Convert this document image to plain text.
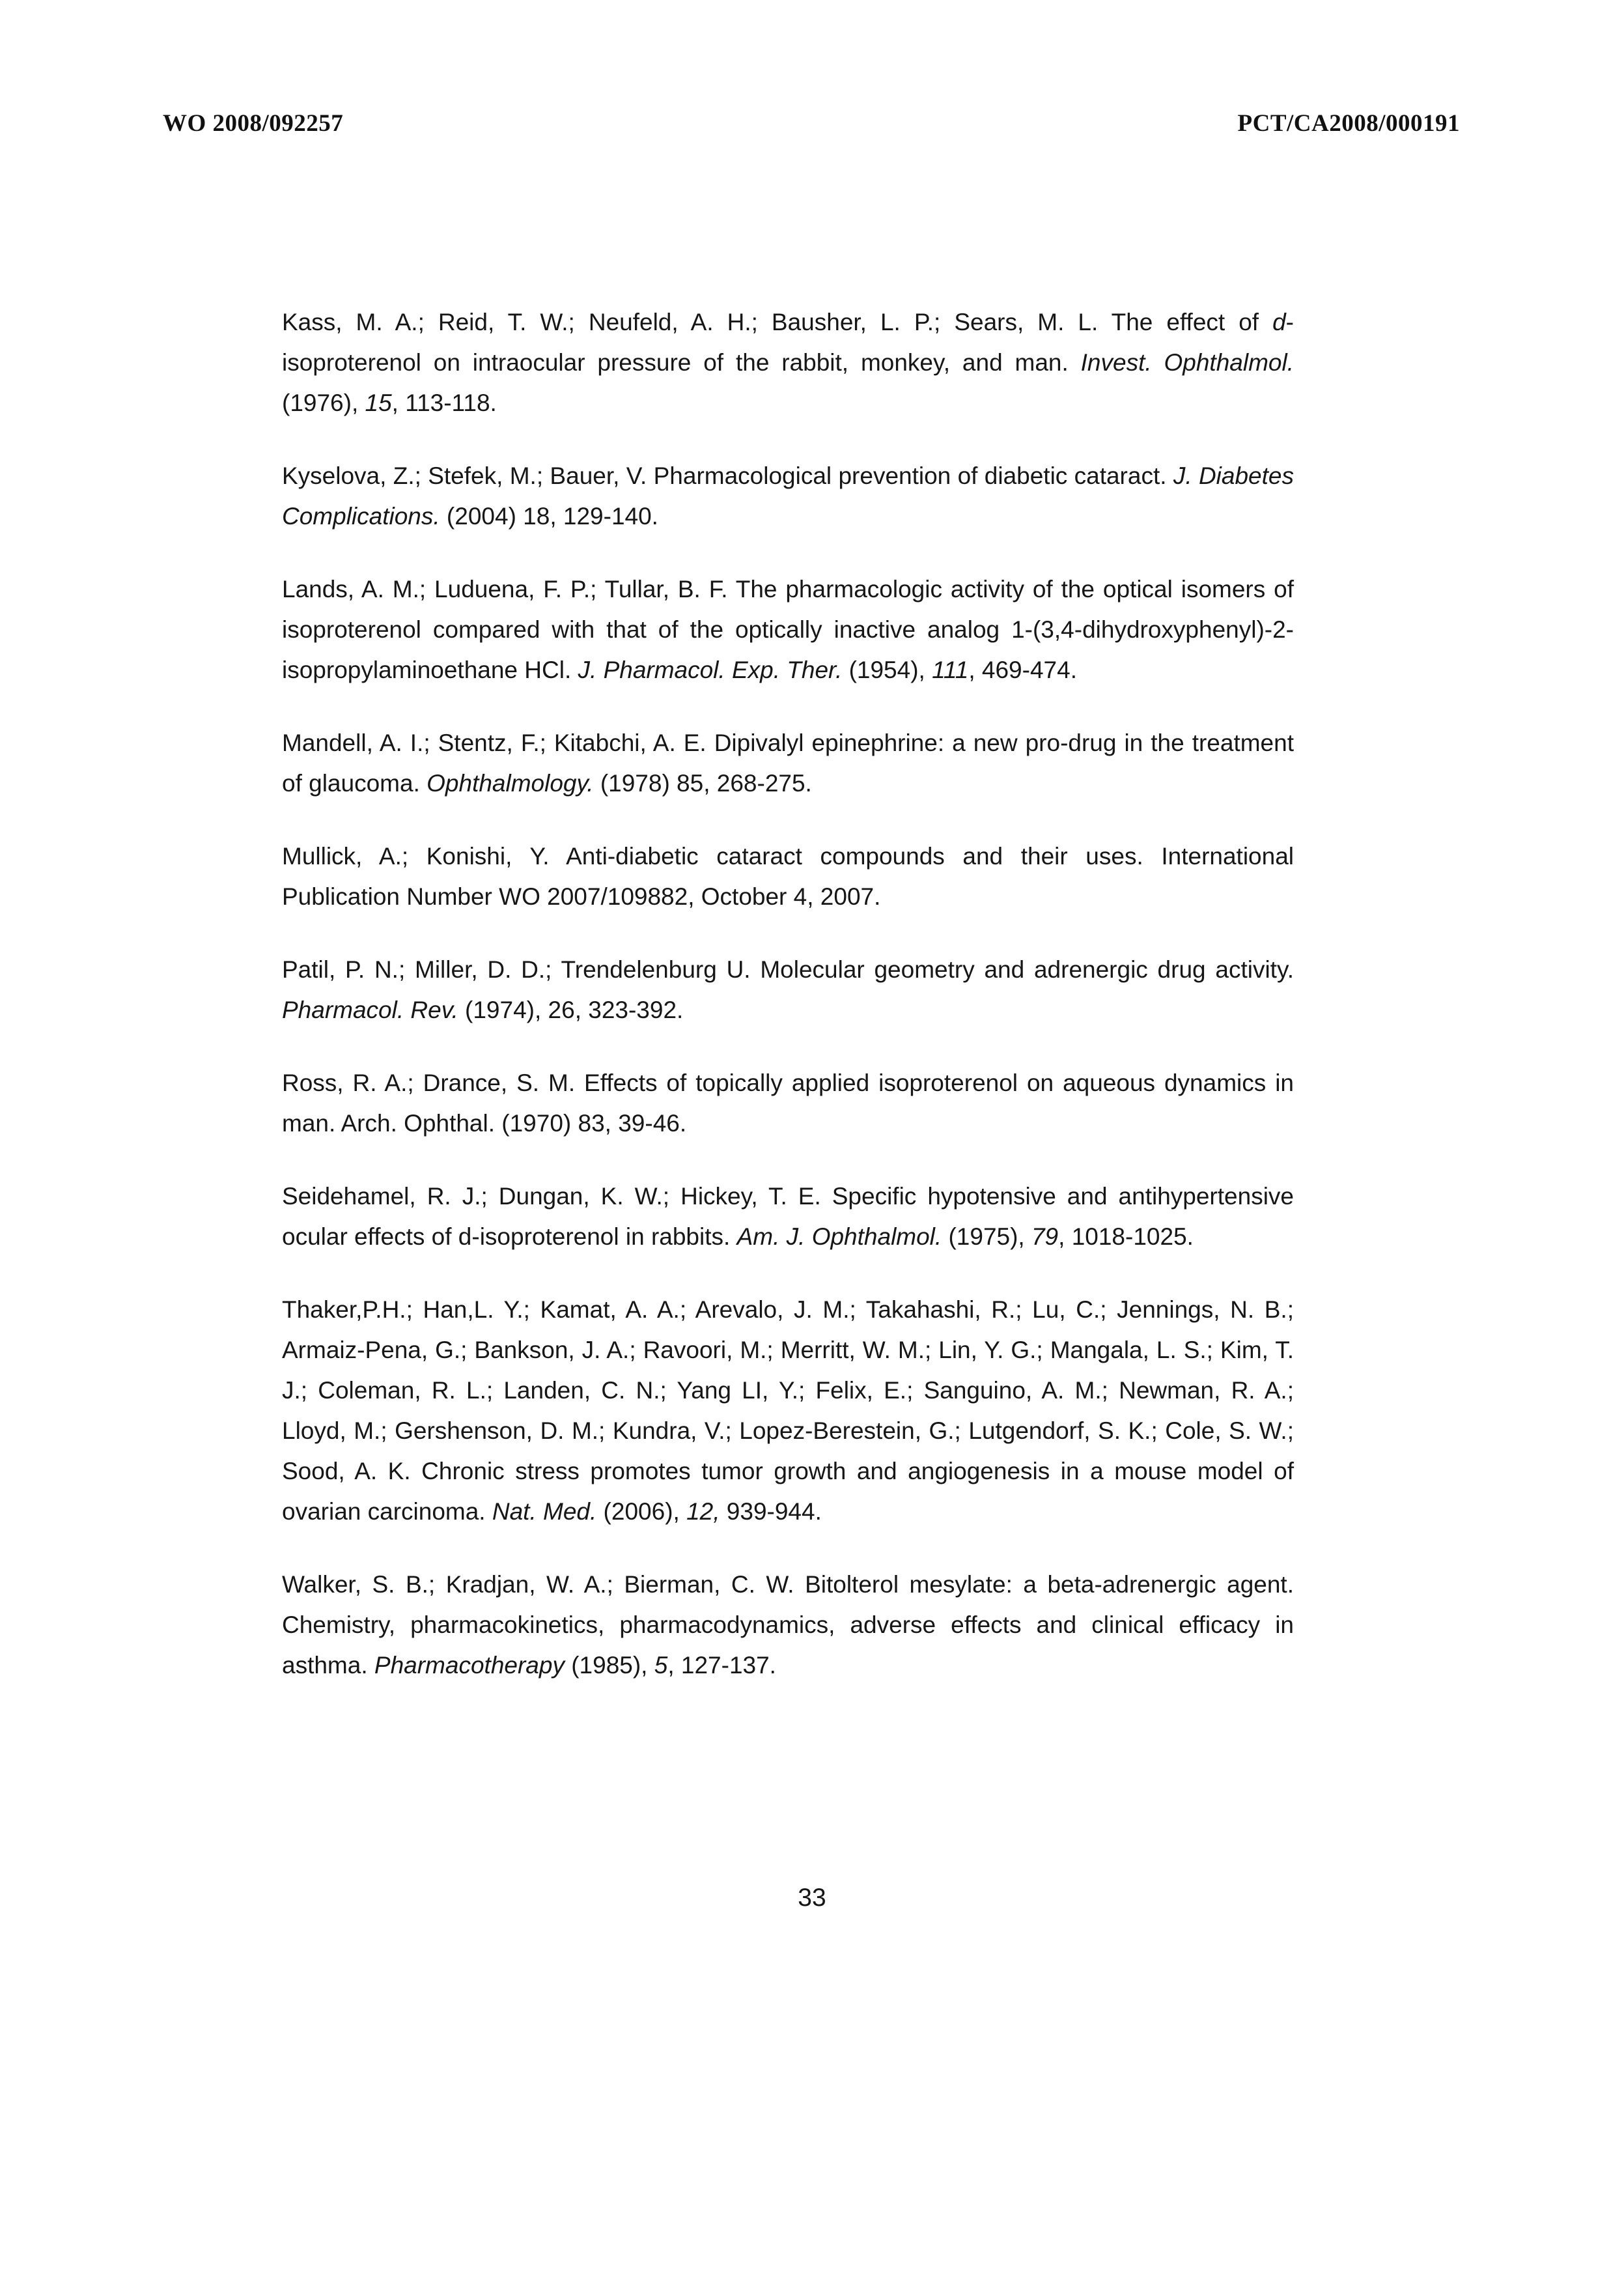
WO 2008/092257	PCT/CA2008/000191

Kass, M. A.; Reid, T. W.; Neufeld, A. H.; Bausher, L. P.; Sears, M. L. The effect of d-isoproterenol on intraocular pressure of the rabbit, monkey, and man. Invest. Ophthalmol. (1976), 15, 113-118.

Kyselova, Z.; Stefek, M.; Bauer, V. Pharmacological prevention of diabetic cataract. J. Diabetes Complications. (2004) 18, 129-140.

Lands, A. M.; Luduena, F. P.; Tullar, B. F. The pharmacologic activity of the optical isomers of isoproterenol compared with that of the optically inactive analog 1-(3,4-dihydroxyphenyl)-2-isopropylaminoethane HCl. J. Pharmacol. Exp. Ther. (1954), 111, 469-474.

Mandell, A. I.; Stentz, F.; Kitabchi, A. E. Dipivalyl epinephrine: a new pro-drug in the treatment of glaucoma. Ophthalmology. (1978) 85, 268-275.

Mullick, A.; Konishi, Y. Anti-diabetic cataract compounds and their uses. International Publication Number WO 2007/109882, October 4, 2007.

Patil, P. N.; Miller, D. D.; Trendelenburg U. Molecular geometry and adrenergic drug activity. Pharmacol. Rev. (1974), 26, 323-392.

Ross, R. A.; Drance, S. M. Effects of topically applied isoproterenol on aqueous dynamics in man. Arch. Ophthal. (1970) 83, 39-46.

Seidehamel, R. J.; Dungan, K. W.; Hickey, T. E. Specific hypotensive and antihypertensive ocular effects of d-isoproterenol in rabbits. Am. J. Ophthalmol. (1975), 79, 1018-1025.

Thaker,P.H.; Han,L. Y.; Kamat, A. A.; Arevalo, J. M.; Takahashi, R.; Lu, C.; Jennings, N. B.; Armaiz-Pena, G.; Bankson, J. A.; Ravoori, M.; Merritt, W. M.; Lin, Y. G.; Mangala, L. S.; Kim, T. J.; Coleman, R. L.; Landen, C. N.; Yang LI, Y.; Felix, E.; Sanguino, A. M.; Newman, R. A.; Lloyd, M.; Gershenson, D. M.; Kundra, V.; Lopez-Berestein, G.; Lutgendorf, S. K.; Cole, S. W.; Sood, A. K. Chronic stress promotes tumor growth and angiogenesis in a mouse model of ovarian carcinoma. Nat. Med. (2006), 12, 939-944.

Walker, S. B.; Kradjan, W. A.; Bierman, C. W. Bitolterol mesylate: a beta-adrenergic agent. Chemistry, pharmacokinetics, pharmacodynamics, adverse effects and clinical efficacy in asthma. Pharmacotherapy (1985), 5, 127-137.

33
